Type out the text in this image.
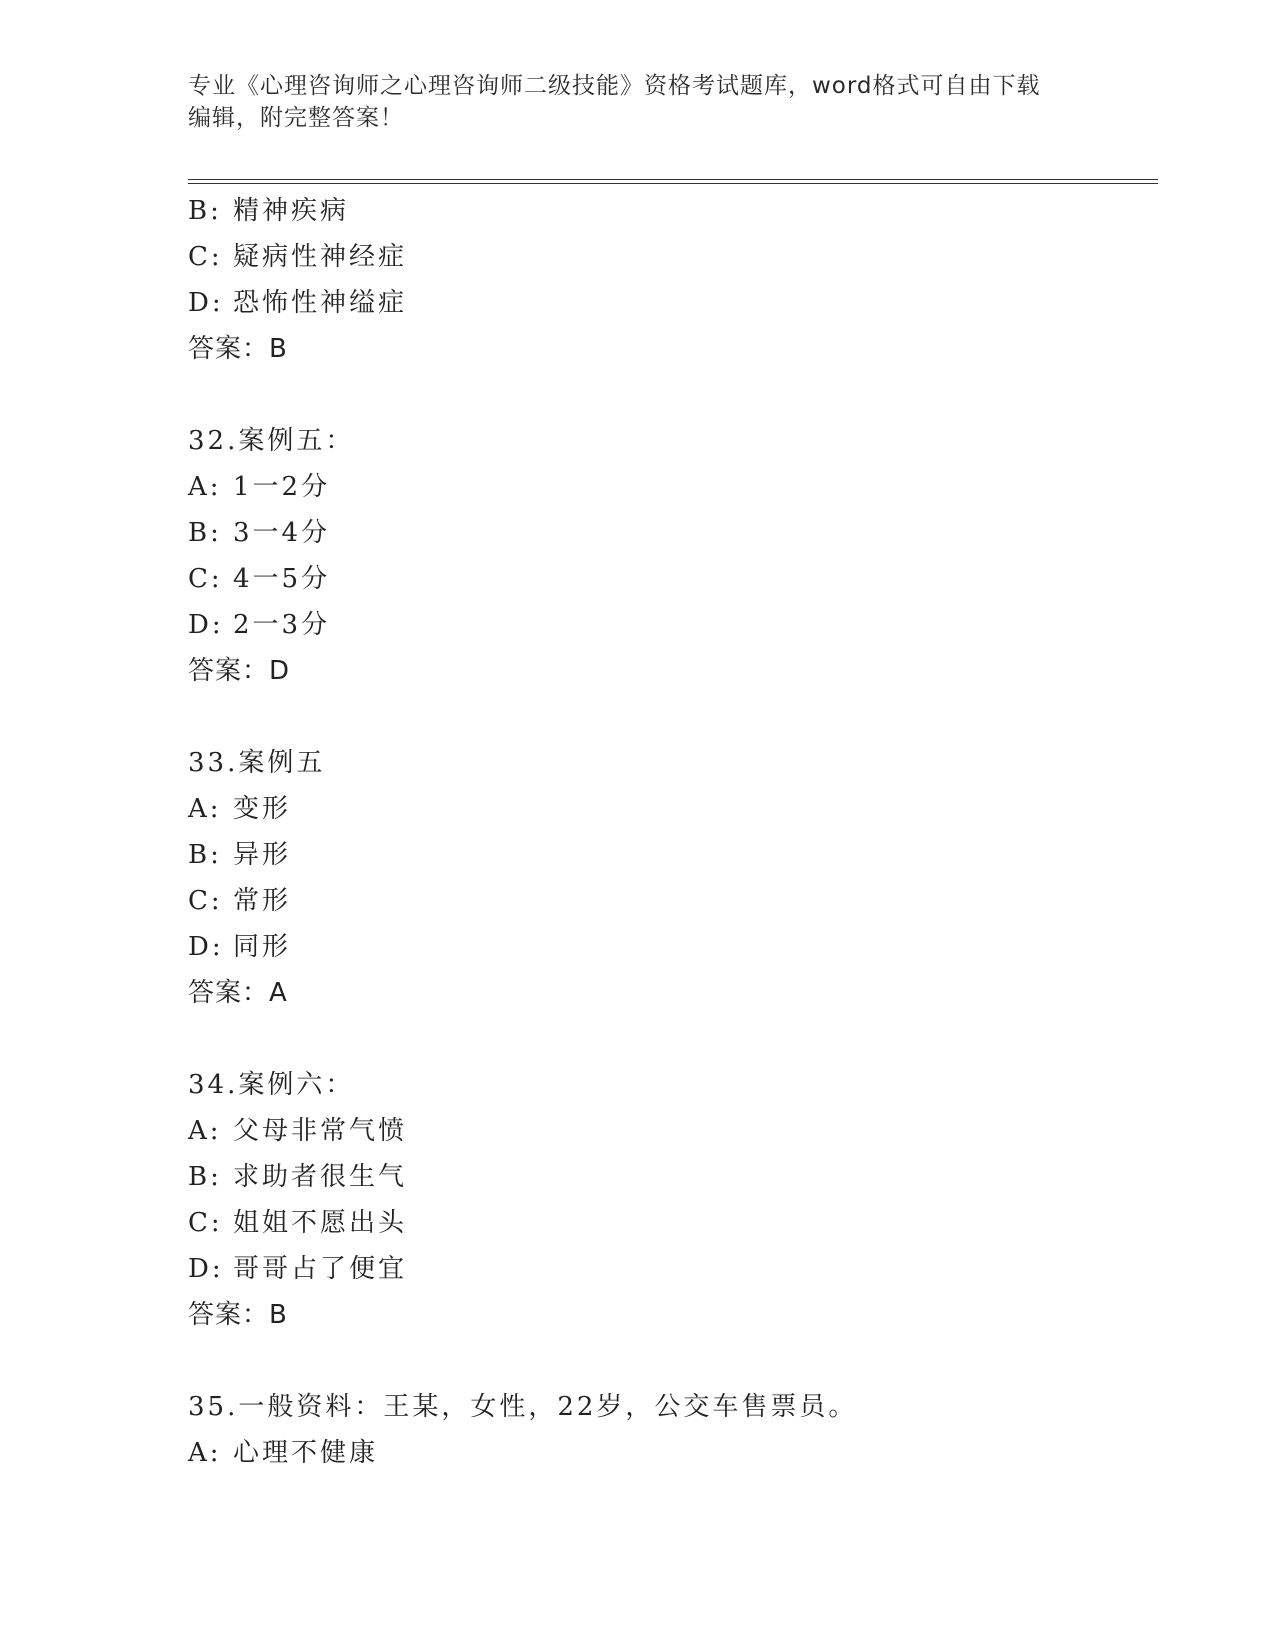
专业《心理咨询师之心理咨询师二级技能》资格考试题库，word格式可自由下载
编辑，附完整答案！
B: 精神疾病
C: 疑病性神经症
D: 恐怖性神缢症
答案：B
32.案例五：
A: 1一2分
B: 3一4分
C: 4一5分
D: 2一3分
答案：D
33.案例五
A: 变形
B: 异形
C: 常形
D: 同形
答案：A
34.案例六：
A: 父母非常气愤
B: 求助者很生气
C: 姐姐不愿出头
D: 哥哥占了便宜
答案：B
35.一般资料：王某，女性，22岁，公交车售票员。
A: 心理不健康
